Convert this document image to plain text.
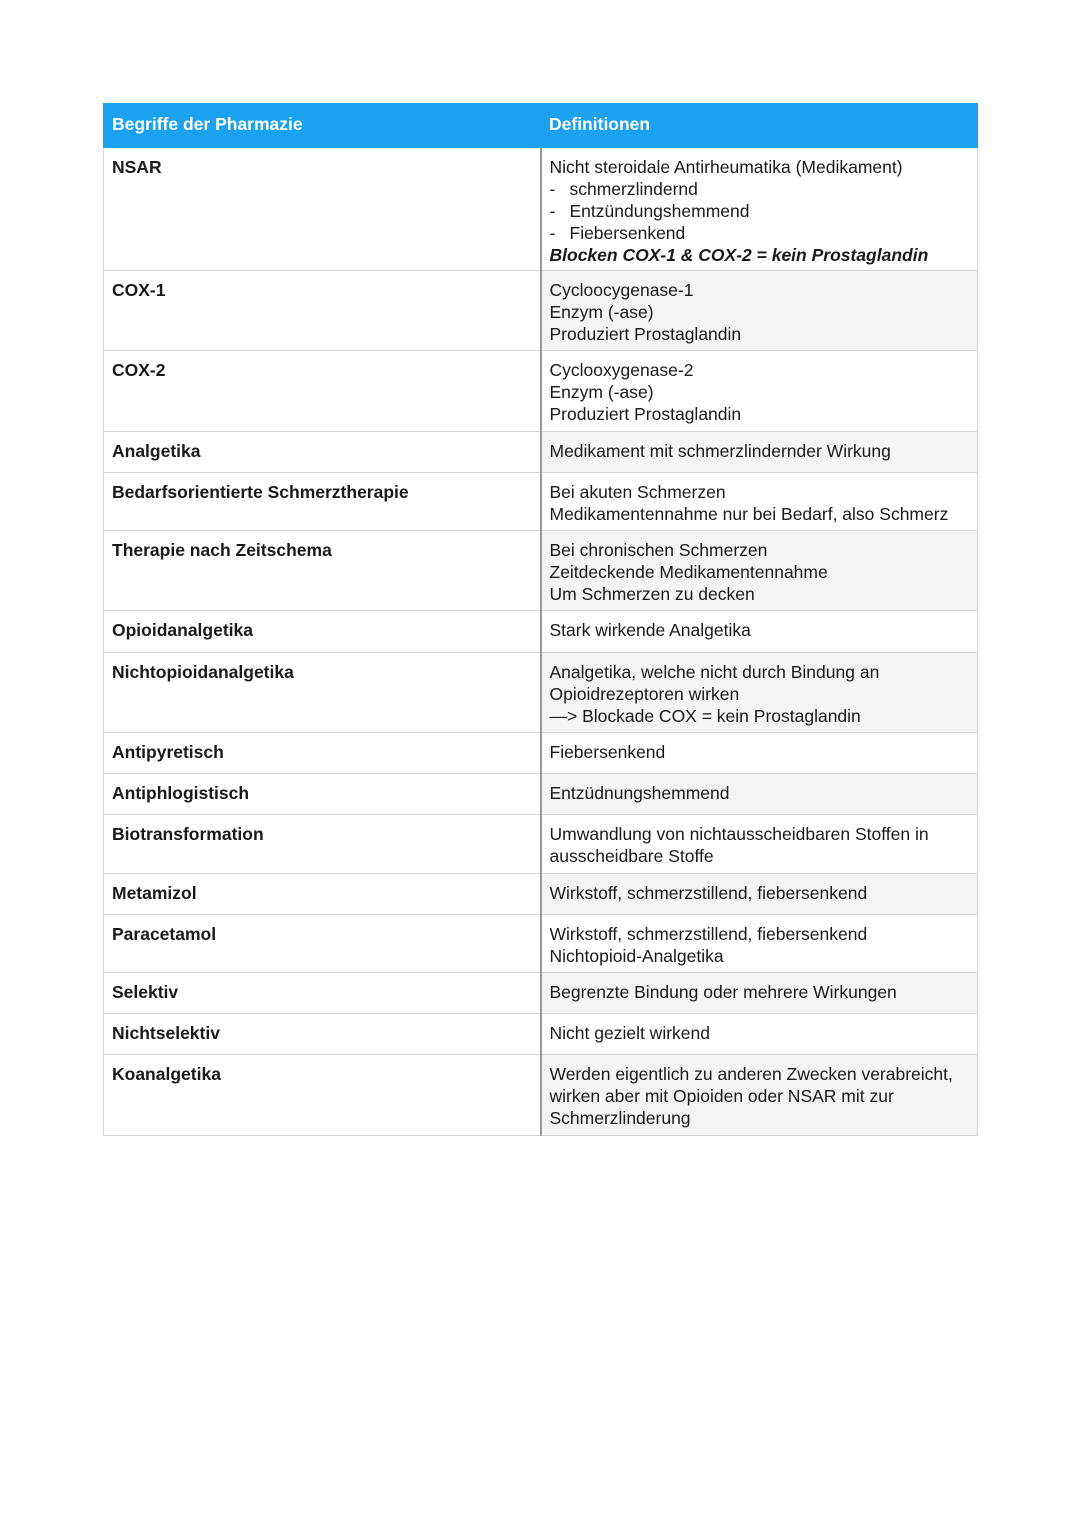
Begriffe der Pharmazie	Definitionen
NSAR	Nicht steroidale Antirheumatika (Medikament)
- schmerzlindernd
- Entzündungshemmend
- Fiebersenkend
Blocken COX-1 & COX-2 = kein Prostaglandin

COX-1	Cycloocygenase-1
Enzym (-ase)
Produziert Prostaglandin

COX-2	Cyclooxygenase-2
Enzym (-ase)
Produziert Prostaglandin

Analgetika	Medikament mit schmerzlindernder Wirkung

Bedarfsorientierte Schmerztherapie	Bei akuten Schmerzen
Medikamentennahme nur bei Bedarf, also Schmerz

Therapie nach Zeitschema	Bei chronischen Schmerzen
Zeitdeckende Medikamentennahme
Um Schmerzen zu decken

Opioidanalgetika	Stark wirkende Analgetika

Nichtopioidanalgetika	Analgetika, welche nicht durch Bindung an
Opioidrezeptoren wirken
—> Blockade COX = kein Prostaglandin

Antipyretisch	Fiebersenkend

Antiphlogistisch	Entzüdnungshemmend

Biotransformation	Umwandlung von nichtausscheidbaren Stoffen in
ausscheidbare Stoffe

Metamizol	Wirkstoff, schmerzstillend, fiebersenkend

Paracetamol	Wirkstoff, schmerzstillend, fiebersenkend
Nichtopioid-Analgetika

Selektiv	Begrenzte Bindung oder mehrere Wirkungen

Nichtselektiv	Nicht gezielt wirkend

Koanalgetika	Werden eigentlich zu anderen Zwecken verabreicht,
wirken aber mit Opioiden oder NSAR mit zur
Schmerzlinderung
